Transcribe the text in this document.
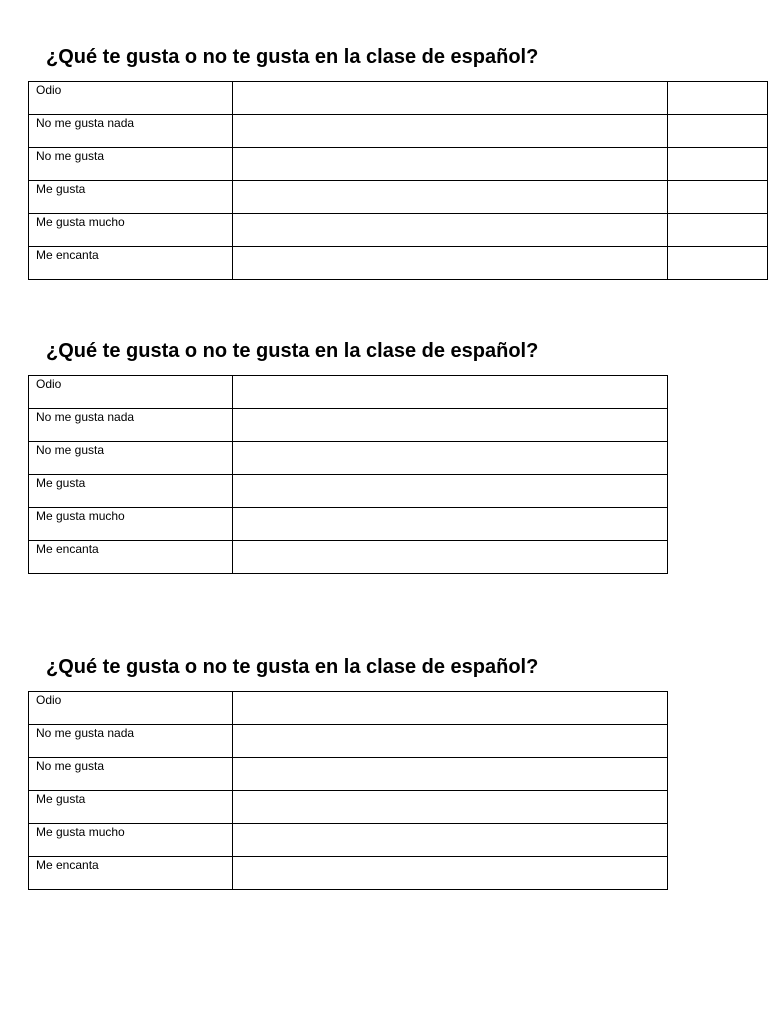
¿Qué te gusta o no te gusta en la clase de español?
Odio		

No me gusta nada		

No me gusta		

Me gusta		

Me gusta mucho		

Me encanta		

¿Qué te gusta o no te gusta en la clase de español?
Odio	

No me gusta nada	

No me gusta	

Me gusta	

Me gusta mucho	

Me encanta	

¿Qué te gusta o no te gusta en la clase de español?
Odio	

No me gusta nada	

No me gusta	

Me gusta	

Me gusta mucho	

Me encanta	
